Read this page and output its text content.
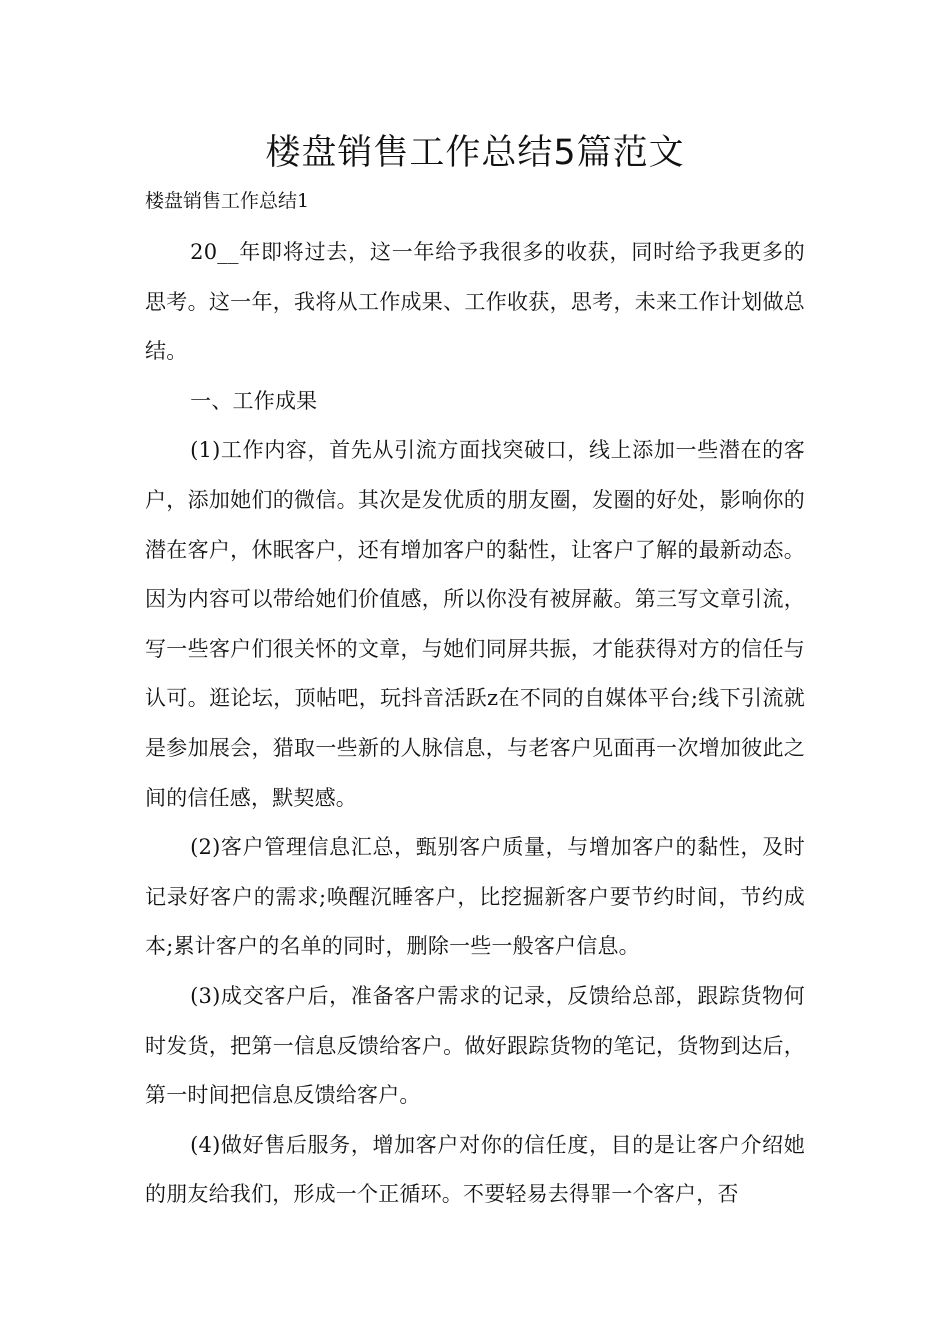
楼盘销售工作总结5篇范文

楼盘销售工作总结1

20__年即将过去，这一年给予我很多的收获，同时给予我更多的思考。这一年，我将从工作成果、工作收获，思考，未来工作计划做总结。

一、工作成果

(1)工作内容，首先从引流方面找突破口，线上添加一些潜在的客户，添加她们的微信。其次是发优质的朋友圈，发圈的好处，影响你的潜在客户，休眠客户，还有增加客户的黏性，让客户了解的最新动态。因为内容可以带给她们价值感，所以你没有被屏蔽。第三写文章引流，写一些客户们很关怀的文章，与她们同屏共振，才能获得对方的信任与认可。逛论坛，顶帖吧，玩抖音活跃z在不同的自媒体平台;线下引流就是参加展会，猎取一些新的人脉信息，与老客户见面再一次增加彼此之间的信任感，默契感。

(2)客户管理信息汇总，甄别客户质量，与增加客户的黏性，及时记录好客户的需求;唤醒沉睡客户，比挖掘新客户要节约时间，节约成本;累计客户的名单的同时，删除一些一般客户信息。

(3)成交客户后，准备客户需求的记录，反馈给总部，跟踪货物何时发货，把第一信息反馈给客户。做好跟踪货物的笔记，货物到达后，第一时间把信息反馈给客户。

(4)做好售后服务，增加客户对你的信任度，目的是让客户介绍她的朋友给我们，形成一个正循环。不要轻易去得罪一个客户，否
